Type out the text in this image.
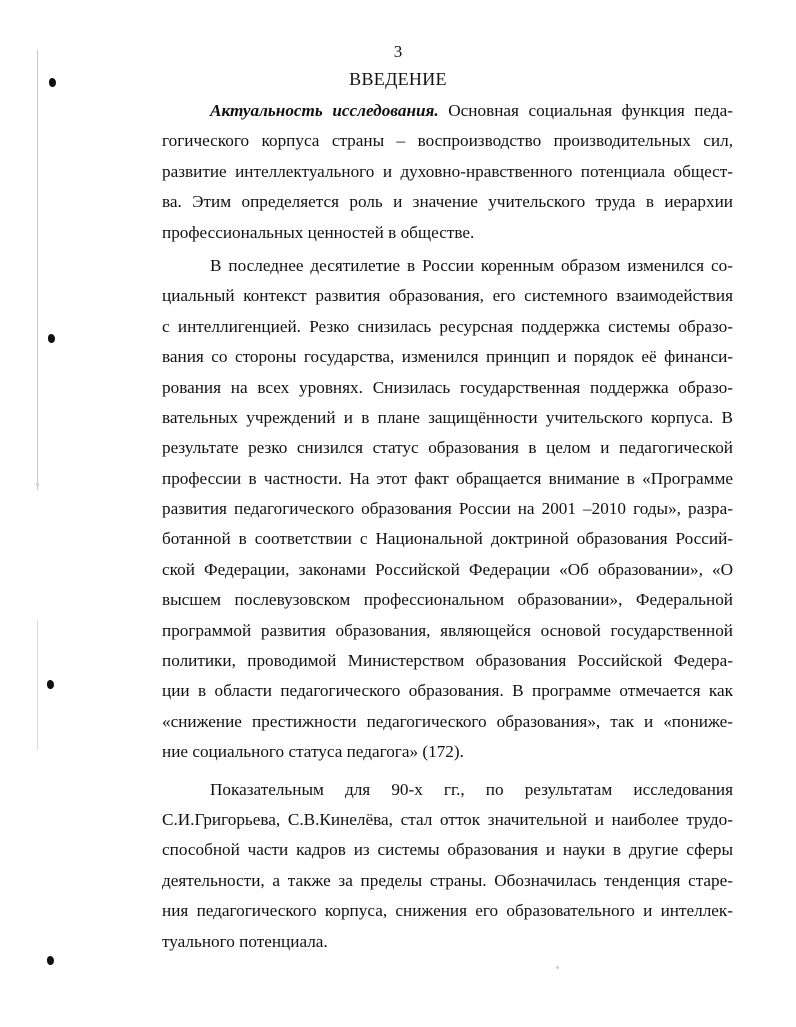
3
ВВЕДЕНИЕ
Актуальность исследования. Основная социальная функция педа-
гогического корпуса страны – воспроизводство производительных сил,
развитие интеллектуального и духовно-нравственного потенциала общест-
ва. Этим определяется роль и значение учительского труда в иерархии
профессиональных ценностей в обществе.
В последнее десятилетие в России коренным образом изменился со-
циальный контекст развития образования, его системного взаимодействия
с интеллигенцией. Резко снизилась ресурсная поддержка системы образо-
вания со стороны государства, изменился принцип и порядок её финанси-
рования на всех уровнях. Снизилась государственная поддержка образо-
вательных учреждений и в плане защищённости учительского корпуса. В
результате резко снизился статус образования в целом и педагогической
профессии в частности. На этот факт обращается внимание в «Программе
развития педагогического образования России на 2001 –2010 годы», разра-
ботанной в соответствии с Национальной доктриной образования Россий-
ской Федерации, законами Российской Федерации «Об образовании», «О
высшем послевузовском профессиональном образовании», Федеральной
программой развития образования, являющейся основой государственной
политики, проводимой Министерством образования Российской Федера-
ции в области педагогического образования. В программе отмечается как
«снижение престижности педагогического образования», так и «пониже-
ние социального статуса педагога» (172).
Показательным для 90-х гг., по результатам исследования
С.И.Григорьева, С.В.Кинелёва, стал отток значительной и наиболее трудо-
способной части кадров из системы образования и науки в другие сферы
деятельности, а также за пределы страны. Обозначилась тенденция старе-
ния педагогического корпуса, снижения его образовательного и интеллек-
туального потенциала.
